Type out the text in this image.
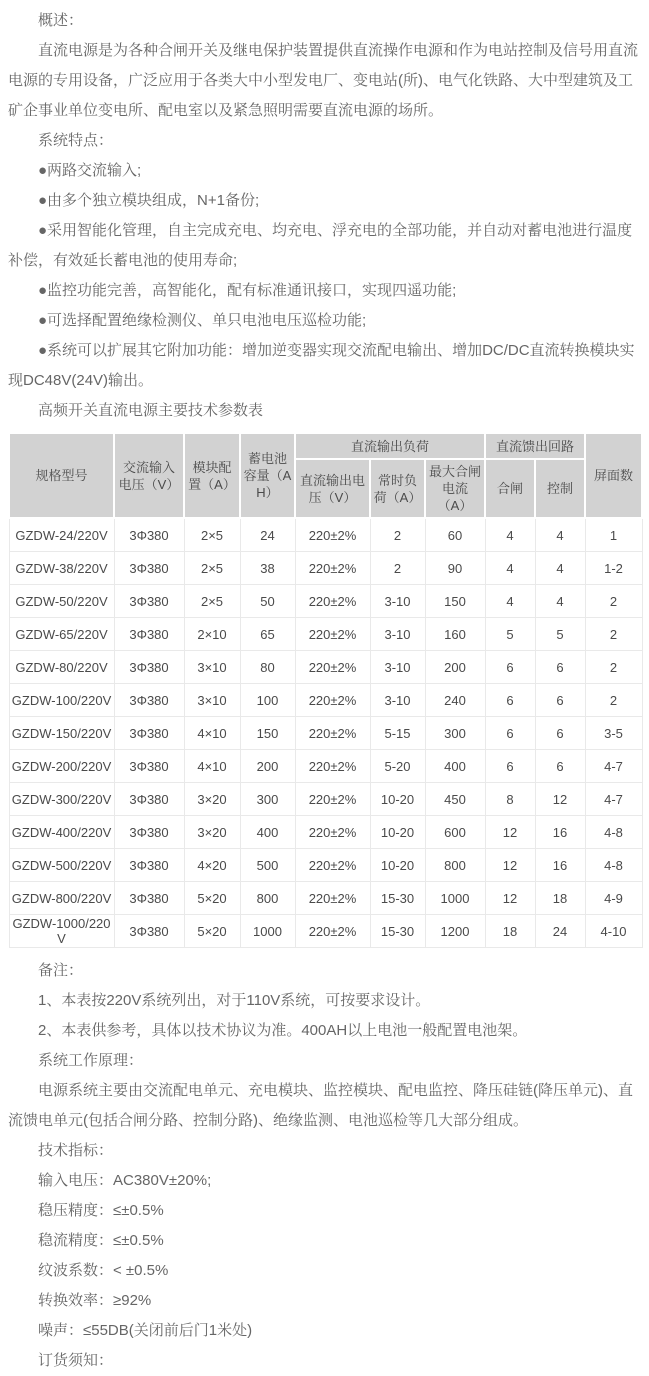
概述：

直流电源是为各种合闸开关及继电保护装置提供直流操作电源和作为电站控制及信号用直流电源的专用设备，广泛应用于各类大中小型发电厂、变电站(所)、电气化铁路、大中型建筑及工矿企事业单位变电所、配电室以及紧急照明需要直流电源的场所。

系统特点：

●两路交流输入;

●由多个独立模块组成，N+1备份;

●采用智能化管理，自主完成充电、均充电、浮充电的全部功能，并自动对蓄电池进行温度补偿，有效延长蓄电池的使用寿命;

●监控功能完善，高智能化，配有标准通讯接口，实现四遥功能;

●可选择配置绝缘检测仪、单只电池电压巡检功能;

●系统可以扩展其它附加功能：增加逆变器实现交流配电输出、增加DC/DC直流转换模块实现DC48V(24V)输出。

高频开关直流电源主要技术参数表

规格型号	交流输入电压（V）	模块配置（A）	蓄电池容量（AH）	直流输出负荷			直流馈出回路		屏面数
				直流输出电压（V）	常时负荷（A）	最大合闸电流（A）	合闸	控制	
GZDW-24/220V	3Φ380	2×5	24	220±2%	2	60	4	4	1
GZDW-38/220V	3Φ380	2×5	38	220±2%	2	90	4	4	1-2
GZDW-50/220V	3Φ380	2×5	50	220±2%	3-10	150	4	4	2
GZDW-65/220V	3Φ380	2×10	65	220±2%	3-10	160	5	5	2
GZDW-80/220V	3Φ380	3×10	80	220±2%	3-10	200	6	6	2
GZDW-100/220V	3Φ380	3×10	100	220±2%	3-10	240	6	6	2
GZDW-150/220V	3Φ380	4×10	150	220±2%	5-15	300	6	6	3-5
GZDW-200/220V	3Φ380	4×10	200	220±2%	5-20	400	6	6	4-7
GZDW-300/220V	3Φ380	3×20	300	220±2%	10-20	450	8	12	4-7
GZDW-400/220V	3Φ380	3×20	400	220±2%	10-20	600	12	16	4-8
GZDW-500/220V	3Φ380	4×20	500	220±2%	10-20	800	12	16	4-8
GZDW-800/220V	3Φ380	5×20	800	220±2%	15-30	1000	12	18	4-9
GZDW-1000/220V	3Φ380	5×20	1000	220±2%	15-30	1200	18	24	4-10

备注：

1、本表按220V系统列出，对于110V系统，可按要求设计。

2、本表供参考，具体以技术协议为准。400AH以上电池一般配置电池架。

系统工作原理：

电源系统主要由交流配电单元、充电模块、监控模块、配电监控、降压硅链(降压单元)、直流馈电单元(包括合闸分路、控制分路)、绝缘监测、电池巡检等几大部分组成。

技术指标：

输入电压：AC380V±20%;

稳压精度：≤±0.5%

稳流精度：≤±0.5%

纹波系数：< ±0.5%

转换效率：≥92%

噪声：≤55DB(关闭前后门1米处)

订货须知：
